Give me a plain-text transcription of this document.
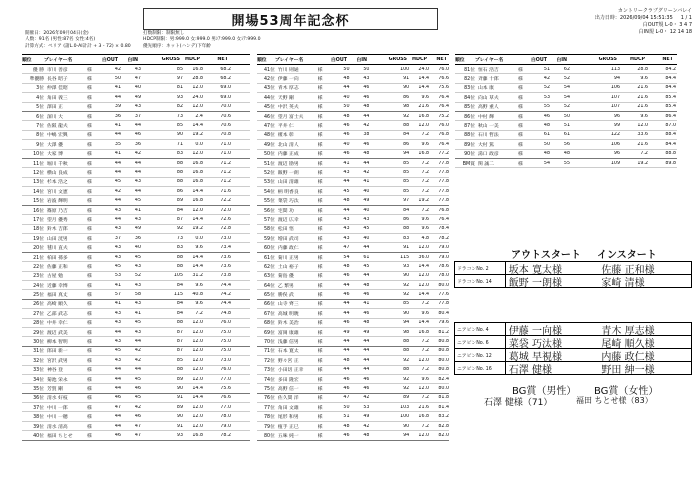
開場53周年記念杯
カントリークラブグリーンバレイ
出力日時：2026/09/04 15:51:35 1 / 1
白OUT規 L-0・ 3 4 7
白IN規 L-0・ 12 14 18
開催日：2026年09月04日(金)
人数：91名 (男性:87名 女性:4名)
計算方式：ペリア (諸L.0-AI計計 + 3 - 72) × 0.80
打数制限：制限無し
HDCP制限：男:999.0 女:999.0 男ｼｱ:999.0 女ｼｱ:999.0
優先順序：ネット(ハンデ)下年齢
順位	プレイヤー名	白OUT	白IN	GROSS	HDCP	NET
優 勝 市川 善彦	様	42	43	85	16.8	68.2
準優勝 長谷 昭子	様	50	47	97	28.8	68.2
3位 仲澤 佳昭	様	41	40	81	12.0	69.0
4位 角田 義三	様	44	49	93	24.0	69.0
5位 澤田 正	様	39	43	82	12.0	70.0
6位 深川 大	様	36	37	73	2.4	70.6
7位 佐阪 龍夫	様	41	44	85	14.4	70.6
8位 中嶋 宏興	様	44	46	90	19.2	70.8
9位 大澤 優	様	35	36	71	0.0	71.0
10位 大家 博	様	41	42	83	12.0	71.0
11位 堀川 千秋	様	44	44	88	16.8	71.2
12位 横山 良成	様	44	44	88	16.8	71.2
13位 杉本 浩之	様	45	43	88	16.8	71.2
14位 宮川 文憲	様	42	44	86	14.4	71.6
15位 岩波 輝明	様	44	45	89	16.8	72.2
16位 篠原 乃吉	様	43	41	84	12.0	72.0
17位 望月 優秀	様	44	43	87	14.4	72.6
18位 鈴木 吉郎	様	43	49	92	19.2	72.8
19位 山田 洸男	様	37	36	73	0.0	73.0
20位 毬川 直夫	様	43	40	83	9.6	73.4
21位 柏田 孫多	様	43	45	88	14.4	73.6
22位 佐藤 正和	様	45	43	88	14.4	73.6
23位 古屋 勉	様	53	52	105	31.2	73.8
24位 近藤 幸博	様	41	43	84	9.6	74.4
25位 福田 真丈	様	57	58	115	40.8	74.2
26位 高崎 順久	様	41	43	84	9.6	74.4
27位 乙部 武志	様	43	41	84	7.2	74.8
28位 中井 幸仁	様	43	45	88	12.0	76.0
29位 渡辺 武美	様	44	43	87	12.0	75.0
30位 柳本 智明	様	43	44	87	12.0	75.0
31位 郎田 新一	様	45	42	87	12.0	75.0
32位 宮沢 武男	様	43	42	85	12.0	73.0
33位 神谷 登	様	44	44	88	12.0	76.0
34位 菊池 栄永	様	44	45	89	12.0	77.0
35位 芳賀 剛	様	44	46	90	14.4	75.6
36位 清水 好枝	様	46	45	91	14.4	76.6
37位 中川 一郎	様	47	42	89	12.0	77.0
38位 中川 一穂	様	44	46	90	12.0	78.0
39位 清水 清高	様	44	47	91	12.0	79.0
40位 福田 ちとせ	様	46	47	93	16.8	78.2
順位	プレイヤー名	白OUT	白IN	GROSS	HDCP	NET
41位 竹川 則通	様	50	50	100	24.0	76.0
42位 伊藤 一向	様	48	43	91	14.4	76.6
43位 青木 厚志	様	44	46	90	14.4	75.6
44位 天野 剛	様	40	46	86	9.6	76.4
45位 中沢 英夫	様	50	48	98	21.6	76.4
46位 望月 富士夫	様	48	44	92	16.8	75.2
47位 平井 仁	様	46	42	88	12.0	76.0
48位 榎本 彰	様	46	38	84	7.2	76.8
49位 北山 清人	様	40	46	86	9.6	76.4
50位 内藤 正成	様	46	48	94	16.8	77.2
51位 渡辺 勘男	様	41	44	85	7.2	77.8
52位 飯野 一朗	様	43	42	85	7.2	77.8
53位 山田 清雄	様	44	41	85	7.2	77.8
54位 柄 明香良	様	45	40	85	7.2	77.8
55位 菜袋 巧汰	様	48	49	97	19.2	77.8
56位 宅間 功	様	44	40	84	7.2	76.8
57位 渡辺 広幸	様	43	43	86	9.6	76.4
58位 松田 悟	様	43	45	88	9.6	78.4
59位 増田 武司	様	43	40	83	4.8	78.2
60位 内藤 政仁	様	47	44	91	12.0	79.0
61位 菊川 正男	様	54	61	115	36.0	79.0
62位 土山 裕子	様	48	45	93	14.4	78.6
63位 菊島 優	様	46	44	90	12.0	78.0
64位 乙 繁男	様	44	48	92	12.0	80.0
65位 勝俣 武	様	46	46	92	14.4	77.6
66位 山寺 齊三	様	44	41	85	7.2	77.8
67位 高城 明暁	様	44	46	90	9.6	80.4
68位 鈴木 美治	様	46	48	94	14.4	79.6
69位 富岡 康雄	様	49	49	98	16.8	81.2
70位 浅藤 信男	様	44	44	88	7.2	80.8
71位 石本 寛太	様	44	44	88	7.2	80.8
72位 野々宮 正	様	48	44	92	12.0	80.0
73位 小田切 正幸	様	44	44	88	7.2	80.8
74位 多田 隆宏	様	46	46	92	9.6	82.4
75位 高野 信一	様	46	46	92	12.0	80.0
76位 佐久間 洋	様	47	42	89	7.2	81.8
77位 角田 文雄	様	50	53	103	21.6	81.4
78位 尾形 和男	様	51	49	100	16.8	83.2
79位 植手 正巳	様	48	42	90	7.2	82.8
80位 五味 純一	様	46	48	94	12.0	82.0
順位	プレイヤー名	白OUT	白IN	GROSS	HDCP	NET
81位 恒石 浩吉	様	51	62	113	28.8	84.2
82位 斉藤 十郎	様	42	52	94	9.6	84.4
83位 山本 康	様	52	54	106	21.6	84.4
84位 向山 草夫	様	53	54	107	21.6	85.4
85位 高野 重人	様	55	52	107	21.6	85.4
86位 中村 輝	様	46	50	96	9.6	86.4
87位 秋山 一美	様	48	51	99	12.0	87.0
88位 石川 哲法	様	61	61	122	33.6	88.4
89位 大村 篤	様	50	56	106	21.6	84.4
90位 湯口 政彦	様	48	48	96	7.2	88.8
BM賞 関 誠二	様	54	55	109	19.2	89.8
アウトスタート インスタート
ドラコンNo. 2	坂本 寛太様	佐藤 正和様
ドラコンNo. 14	飯野 一朗様	家崎 清様
ニアピンNo. 4	伊藤 一向様	青木 厚志様
ニアピンNo. 6	菜袋 巧汰様	尾崎 順久様
ニアピンNo. 12	葛城 早視様	内藤 政仁様
ニアピンNo. 16	石澤 健様	野田 紳一様
BG賞（男性） BG賞（女性）
石澤 健様（71）	福田 ちとせ様（83）
